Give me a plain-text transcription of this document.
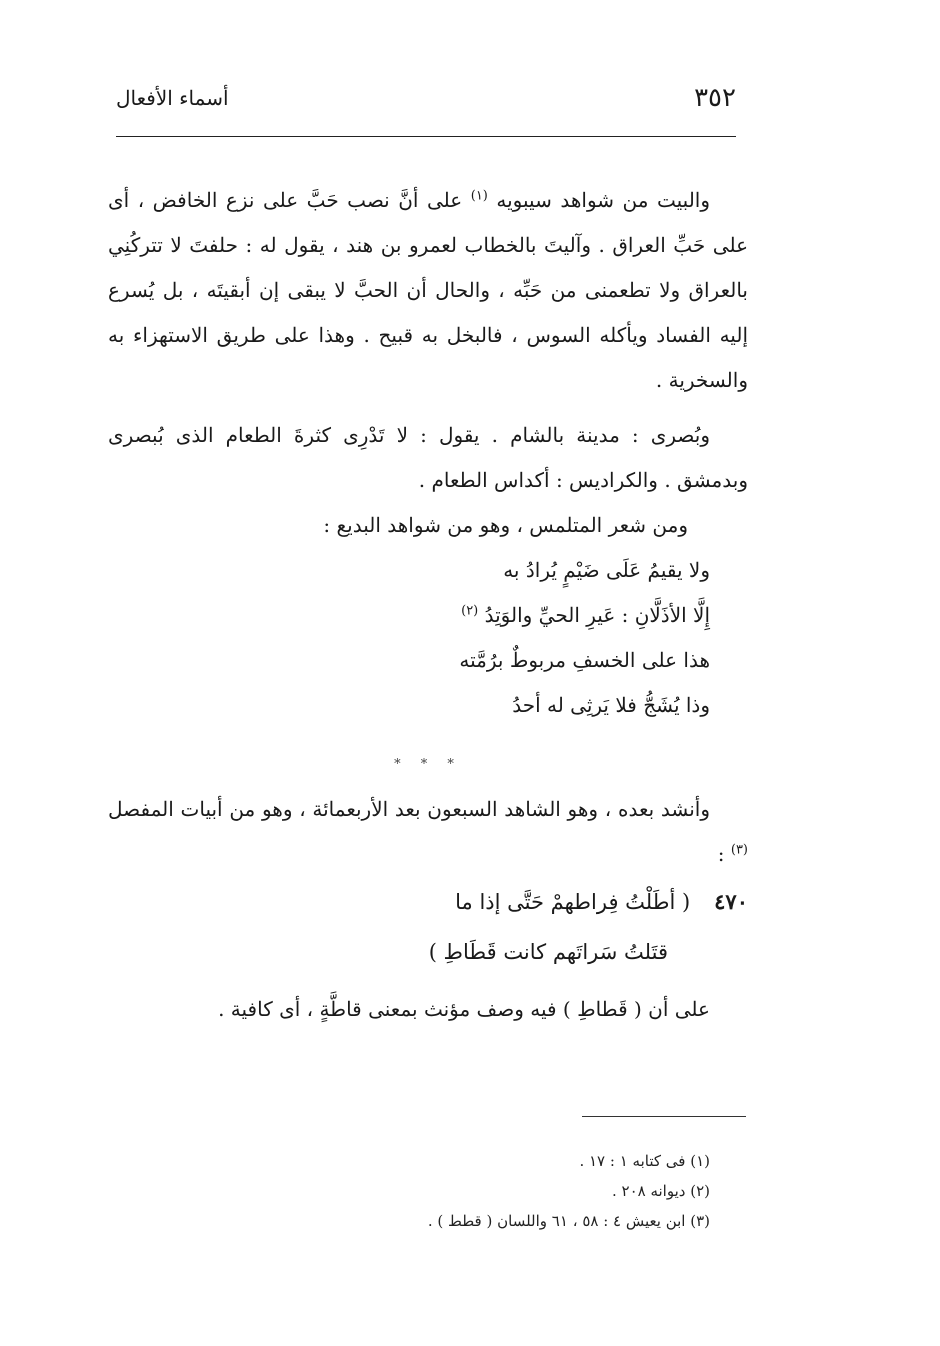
٣٥٢
أسماء الأفعال

والبيت من شواهد سيبويه $^{(١)}$ على أنَّ نصب حَبَّ على نزع الخافض ، أى على حَبِّ العراق . وآليتَ بالخطاب لعمرو بن هند ، يقول له : حلفتَ لا تتركُنِي بالعراق ولا تطعمنى من حَبِّه ، والحال أن الحبَّ لا يبقى إن أبقيتَه ، بل يُسرع إليه الفساد ويأكله السوس ، فالبخل به قبيح . وهذا على طريق الاستهزاء به والسخرية .

وبُصرى : مدينة بالشام . يقول : لا تَدْرِى كثرةَ الطعام الذى بُبصرى وبدمشق . والكراديس : أكداس الطعام .

ومن شعر المتلمس ، وهو من شواهد البديع :

ولا يقيمُ عَلَى ضَيْمٍ يُرادُ به

إِلَّا الأذَلَّانِ : عَيرِ الحيِّ والوَتِدُ $^{(٢)}$

هذا على الخسفِ مربوطٌ برُمَّته

وذا يُشَجُّ فلا يَرثِى له أحدُ

* * *

وأنشد بعده ، وهو الشاهد السبعون بعد الأربعمائة ، وهو من أبيات المفصل $^{(٣)}$ :

٤٧٠( أطَلْتُ فِراطهمْ حَتَّى إذا ما

قتَلتُ سَراتَهم كانت قَطَاطِ )

على أن ( قَطاطِ ) فيه وصف مؤنث بمعنى قاطَّةٍ ، أى كافية .

(١) فى كتابه ١ : ١٧ .

(٢) ديوانه ٢٠٨ .

(٣) ابن يعيش ٤ : ٥٨ ، ٦١ واللسان ( قطط ) .
